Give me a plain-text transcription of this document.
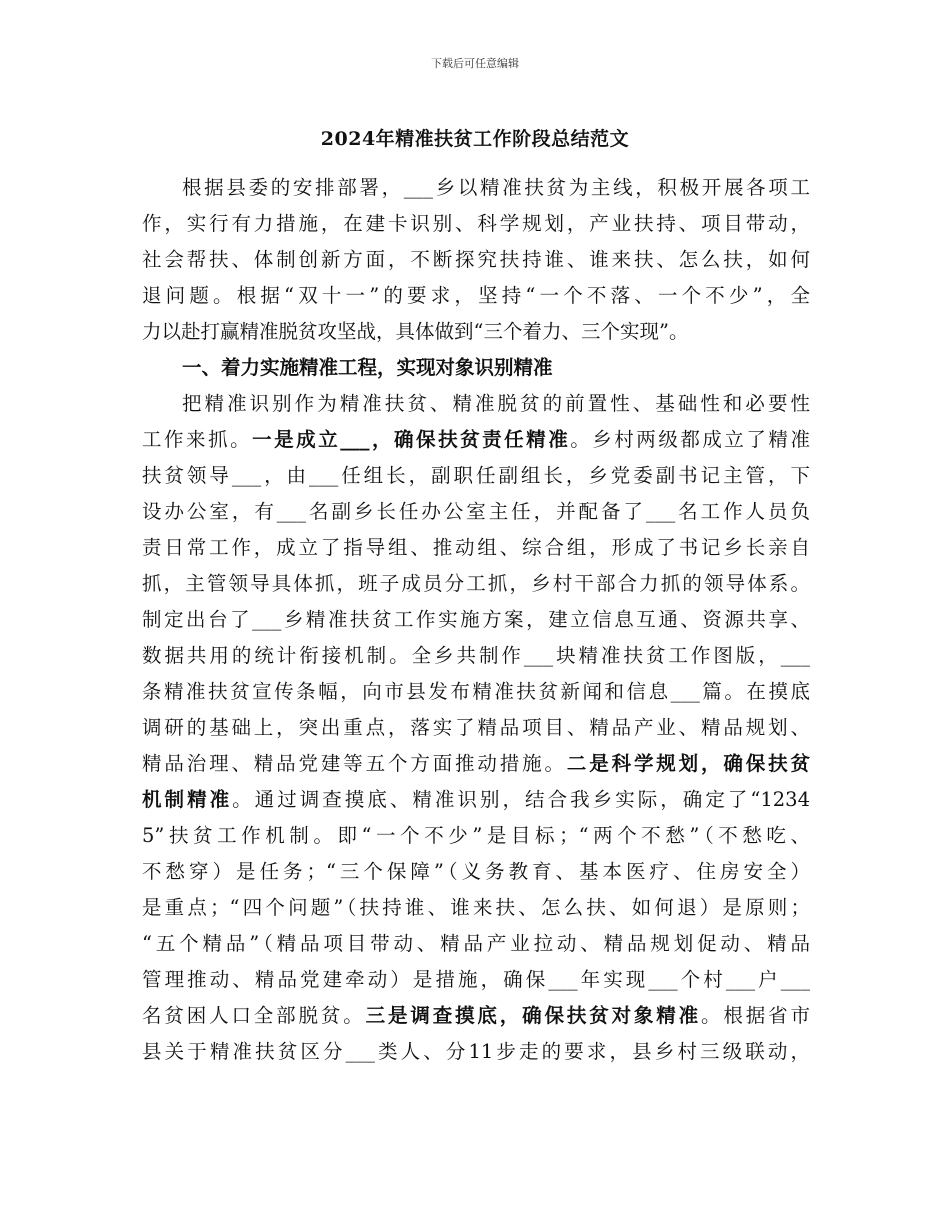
下载后可任意编辑
2024年精准扶贫工作阶段总结范文
根据县委的安排部署，___乡以精准扶贫为主线，积极开展各项工
作，实行有力措施，在建卡识别、科学规划，产业扶持、项目带动，
社会帮扶、体制创新方面，不断探究扶持谁、谁来扶、怎么扶，如何
退问题。根据“双十一”的要求，坚持“一个不落、一个不少”，全
力以赴打赢精准脱贫攻坚战，具体做到“三个着力、三个实现”。
一、着力实施精准工程，实现对象识别精准
把精准识别作为精准扶贫、精准脱贫的前置性、基础性和必要性
工作来抓。一是成立___，确保扶贫责任精准。乡村两级都成立了精准
扶贫领导___，由___任组长，副职任副组长，乡党委副书记主管，下
设办公室，有___名副乡长任办公室主任，并配备了___名工作人员负
责日常工作，成立了指导组、推动组、综合组，形成了书记乡长亲自
抓，主管领导具体抓，班子成员分工抓，乡村干部合力抓的领导体系。
制定出台了___乡精准扶贫工作实施方案，建立信息互通、资源共享、
数据共用的统计衔接机制。全乡共制作___块精准扶贫工作图版，___
条精准扶贫宣传条幅，向市县发布精准扶贫新闻和信息___篇。在摸底
调研的基础上，突出重点，落实了精品项目、精品产业、精品规划、
精品治理、精品党建等五个方面推动措施。二是科学规划，确保扶贫
机制精准。通过调查摸底、精准识别，结合我乡实际，确定了“1234
5”扶贫工作机制。即“一个不少”是目标；“两个不愁”（不愁吃、
不愁穿）是任务；“三个保障”（义务教育、基本医疗、住房安全）
是重点；“四个问题”（扶持谁、谁来扶、怎么扶、如何退）是原则；
“五个精品”（精品项目带动、精品产业拉动、精品规划促动、精品
管理推动、精品党建牵动）是措施，确保___年实现___个村___户___
名贫困人口全部脱贫。三是调查摸底，确保扶贫对象精准。根据省市
县关于精准扶贫区分___类人、分11步走的要求，县乡村三级联动，
